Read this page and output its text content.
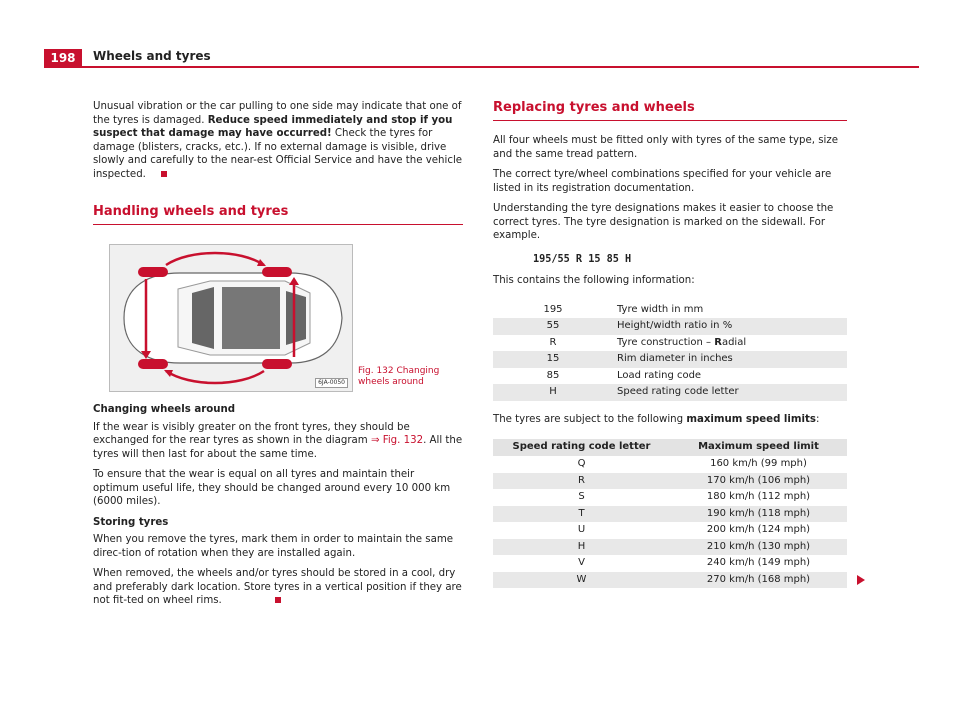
198	Wheels and tyres

Unusual vibration or the car pulling to one side may indicate that one of the tyres is damaged. Reduce speed immediately and stop if you suspect that damage may have occurred! Check the tyres for damage (blisters, cracks, etc.). If no external damage is visible, drive slowly and carefully to the near-est Official Service and have the vehicle inspected.

Handling wheels and tyres
6JA-0050
Fig. 132 Changing wheels around

Changing wheels around

If the wear is visibly greater on the front tyres, they should be exchanged for the rear tyres as shown in the diagram ⇒ Fig. 132. All the tyres will then last for about the same time.

To ensure that the wear is equal on all tyres and maintain their optimum useful life, they should be changed around every 10 000 km (6000 miles).

Storing tyres

When you remove the tyres, mark them in order to maintain the same direc-tion of rotation when they are installed again.

When removed, the wheels and/or tyres should be stored in a cool, dry and preferably dark location. Store tyres in a vertical position if they are not fit-ted on wheel rims.

Replacing tyres and wheels

All four wheels must be fitted only with tyres of the same type, size and the same tread pattern.

The correct tyre/wheel combinations specified for your vehicle are listed in its registration documentation.

Understanding the tyre designations makes it easier to choose the correct tyres. The tyre designation is marked on the sidewall. For example.

195/55 R 15 85 H

This contains the following information:

195	Tyre width in mm
55	Height/width ratio in %
R	Tyre construction – Radial
15	Rim diameter in inches
85	Load rating code
H	Speed rating code letter

The tyres are subject to the following maximum speed limits:

Speed rating code letter	Maximum speed limit
Q	160 km/h (99 mph)
R	170 km/h (106 mph)
S	180 km/h (112 mph)
T	190 km/h (118 mph)
U	200 km/h (124 mph)
H	210 km/h (130 mph)
V	240 km/h (149 mph)
W	270 km/h (168 mph)
